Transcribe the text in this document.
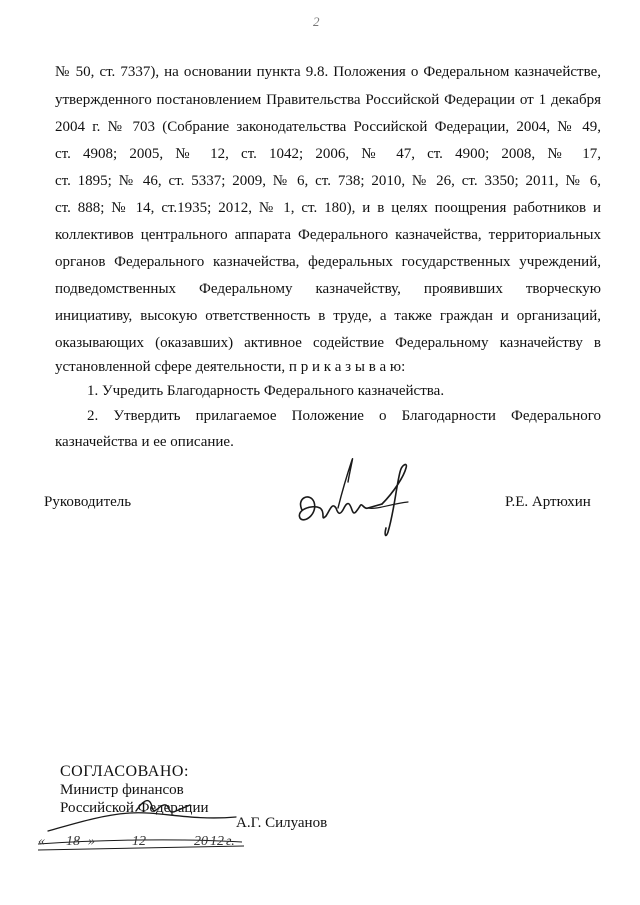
2
№ 50, ст. 7337), на основании пункта 9.8. Положения о Федеральном казначействе,
утвержденного постановлением Правительства Российской Федерации от 1 декабря
2004 г. № 703 (Собрание законодательства Российской Федерации, 2004, № 49,
ст. 4908; 2005, № 12, ст. 1042; 2006, № 47, ст. 4900; 2008, № 17,
ст. 1895; № 46, ст. 5337; 2009, № 6, ст. 738; 2010, № 26, ст. 3350; 2011, № 6,
ст. 888; № 14, ст.1935; 2012, № 1, ст. 180), и в целях поощрения работников и
коллективов центрального аппарата Федерального казначейства, территориальных
органов Федерального казначейства, федеральных государственных учреждений,
подведомственных Федеральному казначейству, проявивших творческую
инициативу, высокую ответственность в труде, а также граждан и организаций,
оказывающих (оказавших) активное содействие Федеральному казначейству в
установленной сфере деятельности, п р и к а з ы в а ю:
1. Учредить Благодарность Федерального казначейства.
2. Утвердить прилагаемое Положение о Благодарности Федерального
казначейства и ее описание.
Руководитель	Р.Е. Артюхин
СОГЛАСОВАНО:
Министр финансов
Российской Федерации
А.Г. Силуанов
« 18 »	12	20 12 г.
